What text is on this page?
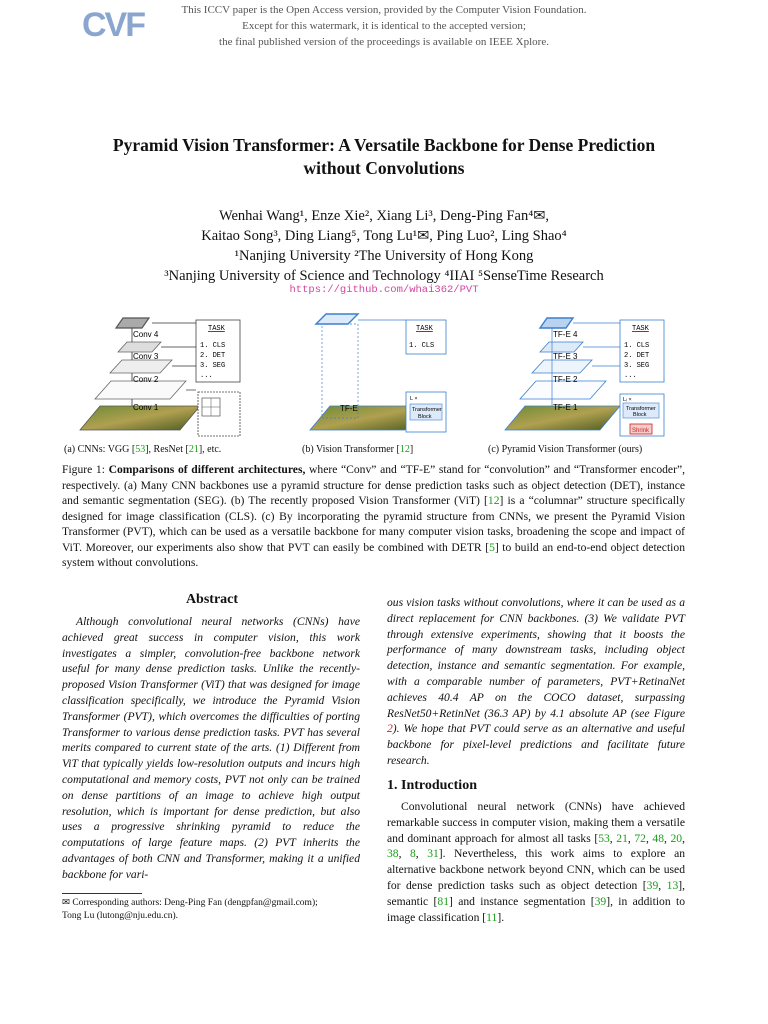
CVF	This ICCV paper is the Open Access version, provided by the Computer Vision Foundation.
Except for this watermark, it is identical to the accepted version;
the final published version of the proceedings is available on IEEE Xplore.
Pyramid Vision Transformer: A Versatile Backbone for Dense Prediction
without Convolutions
Wenhai Wang¹, Enze Xie², Xiang Li³, Deng-Ping Fan⁴✉,
Kaitao Song³, Ding Liang⁵, Tong Lu¹✉, Ping Luo², Ling Shao⁴
¹Nanjing University ²The University of Hong Kong
³Nanjing University of Science and Technology ⁴IIAI ⁵SenseTime Research
https://github.com/whai362/PVT
Conv 1
Conv 2
Conv 3
Conv 4
TASK
1. CLS
2. DET
3. SEG
...
TF-E
TASK
1. CLS
L ×
Transformer
Block
TF-E 1
TF-E 2
TF-E 3
TF-E 4
TASK
1. CLS
2. DET
3. SEG
...
Lᵢ ×
Transformer
Block
Shrink
(a) CNNs: VGG [53], ResNet [21], etc.	(b) Vision Transformer [12]	(c) Pyramid Vision Transformer (ours)
Figure 1: Comparisons of different architectures, where “Conv” and “TF-E” stand for “convolution” and “Transformer encoder”, respectively. (a) Many CNN backbones use a pyramid structure for dense prediction tasks such as object detection (DET), instance and semantic segmentation (SEG). (b) The recently proposed Vision Transformer (ViT) [12] is a “columnar” structure specifically designed for image classification (CLS). (c) By incorporating the pyramid structure from CNNs, we present the Pyramid Vision Transformer (PVT), which can be used as a versatile backbone for many computer vision tasks, broadening the scope and impact of ViT. Moreover, our experiments also show that PVT can easily be combined with DETR [5] to build an end-to-end object detection system without convolutions.
Abstract
Although convolutional neural networks (CNNs) have achieved great success in computer vision, this work investigates a simpler, convolution-free backbone network useful for many dense prediction tasks. Unlike the recently-proposed Vision Transformer (ViT) that was designed for image classification specifically, we introduce the Pyramid Vision Transformer (PVT), which overcomes the difficulties of porting Transformer to various dense prediction tasks. PVT has several merits compared to current state of the arts. (1) Different from ViT that typically yields low-resolution outputs and incurs high computational and memory costs, PVT not only can be trained on dense partitions of an image to achieve high output resolution, which is important for dense prediction, but also uses a progressive shrinking pyramid to reduce the computations of large feature maps. (2) PVT inherits the advantages of both CNN and Transformer, making it a unified backbone for vari-
✉ Corresponding authors: Deng-Ping Fan (dengpfan@gmail.com);
Tong Lu (lutong@nju.edu.cn).
ous vision tasks without convolutions, where it can be used as a direct replacement for CNN backbones. (3) We validate PVT through extensive experiments, showing that it boosts the performance of many downstream tasks, including object detection, instance and semantic segmentation. For example, with a comparable number of parameters, PVT+RetinaNet achieves 40.4 AP on the COCO dataset, surpassing ResNet50+RetinNet (36.3 AP) by 4.1 absolute AP (see Figure 2). We hope that PVT could serve as an alternative and useful backbone for pixel-level predictions and facilitate future research.
1. Introduction
Convolutional neural network (CNNs) have achieved remarkable success in computer vision, making them a versatile and dominant approach for almost all tasks [53, 21, 72, 48, 20, 38, 8, 31]. Nevertheless, this work aims to explore an alternative backbone network beyond CNN, which can be used for dense prediction tasks such as object detection [39, 13], semantic [81] and instance segmentation [39], in addition to image classification [11].
